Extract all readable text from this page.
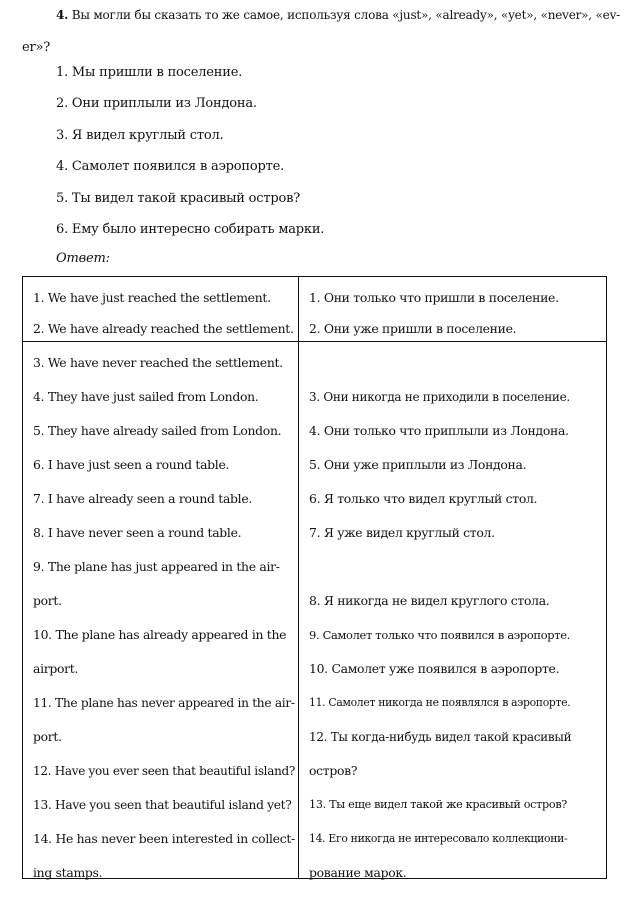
4. Вы могли бы сказать то же самое, используя слова «just», «already», «yet», «never», «ev-
er»?
1. Мы пришли в поселение.
2. Они приплыли из Лондона.
3. Я видел круглый стол.
4. Самолет появился в аэропорте.
5. Ты видел такой красивый остров?
6. Ему было интересно собирать марки.
Ответ:
1. We have just reached the settlement.
2. We have already reached the settlement.
1. Они только что пришли в поселение.
2. Они уже пришли в поселение.
3. We have never reached the settlement.
4. They have just sailed from London.
5. They have already sailed from London.
6. I have just seen a round table.
7. I have already seen a round table.
8. I have never seen a round table.
9. The plane has just appeared in the air-
port.
10. The plane has already appeared in the
airport.
11. The plane has never appeared in the air-
port.
12. Have you ever seen that beautiful island?
13. Have you seen that beautiful island yet?
14. He has never been interested in collect-
ing stamps.
3. Они никогда не приходили в поселение.
4. Они только что приплыли из Лондона.
5. Они уже приплыли из Лондона.
6. Я только что видел круглый стол.
7. Я уже видел круглый стол.
8. Я никогда не видел круглого стола.
9. Самолет только что появился в аэропорте.
10. Самолет уже появился в аэропорте.
11. Самолет никогда не появлялся в аэропорте.
12. Ты когда-нибудь видел такой красивый
остров?
13. Ты еще видел такой же красивый остров?
14. Его никогда не интересовало коллекциони-
рование марок.
